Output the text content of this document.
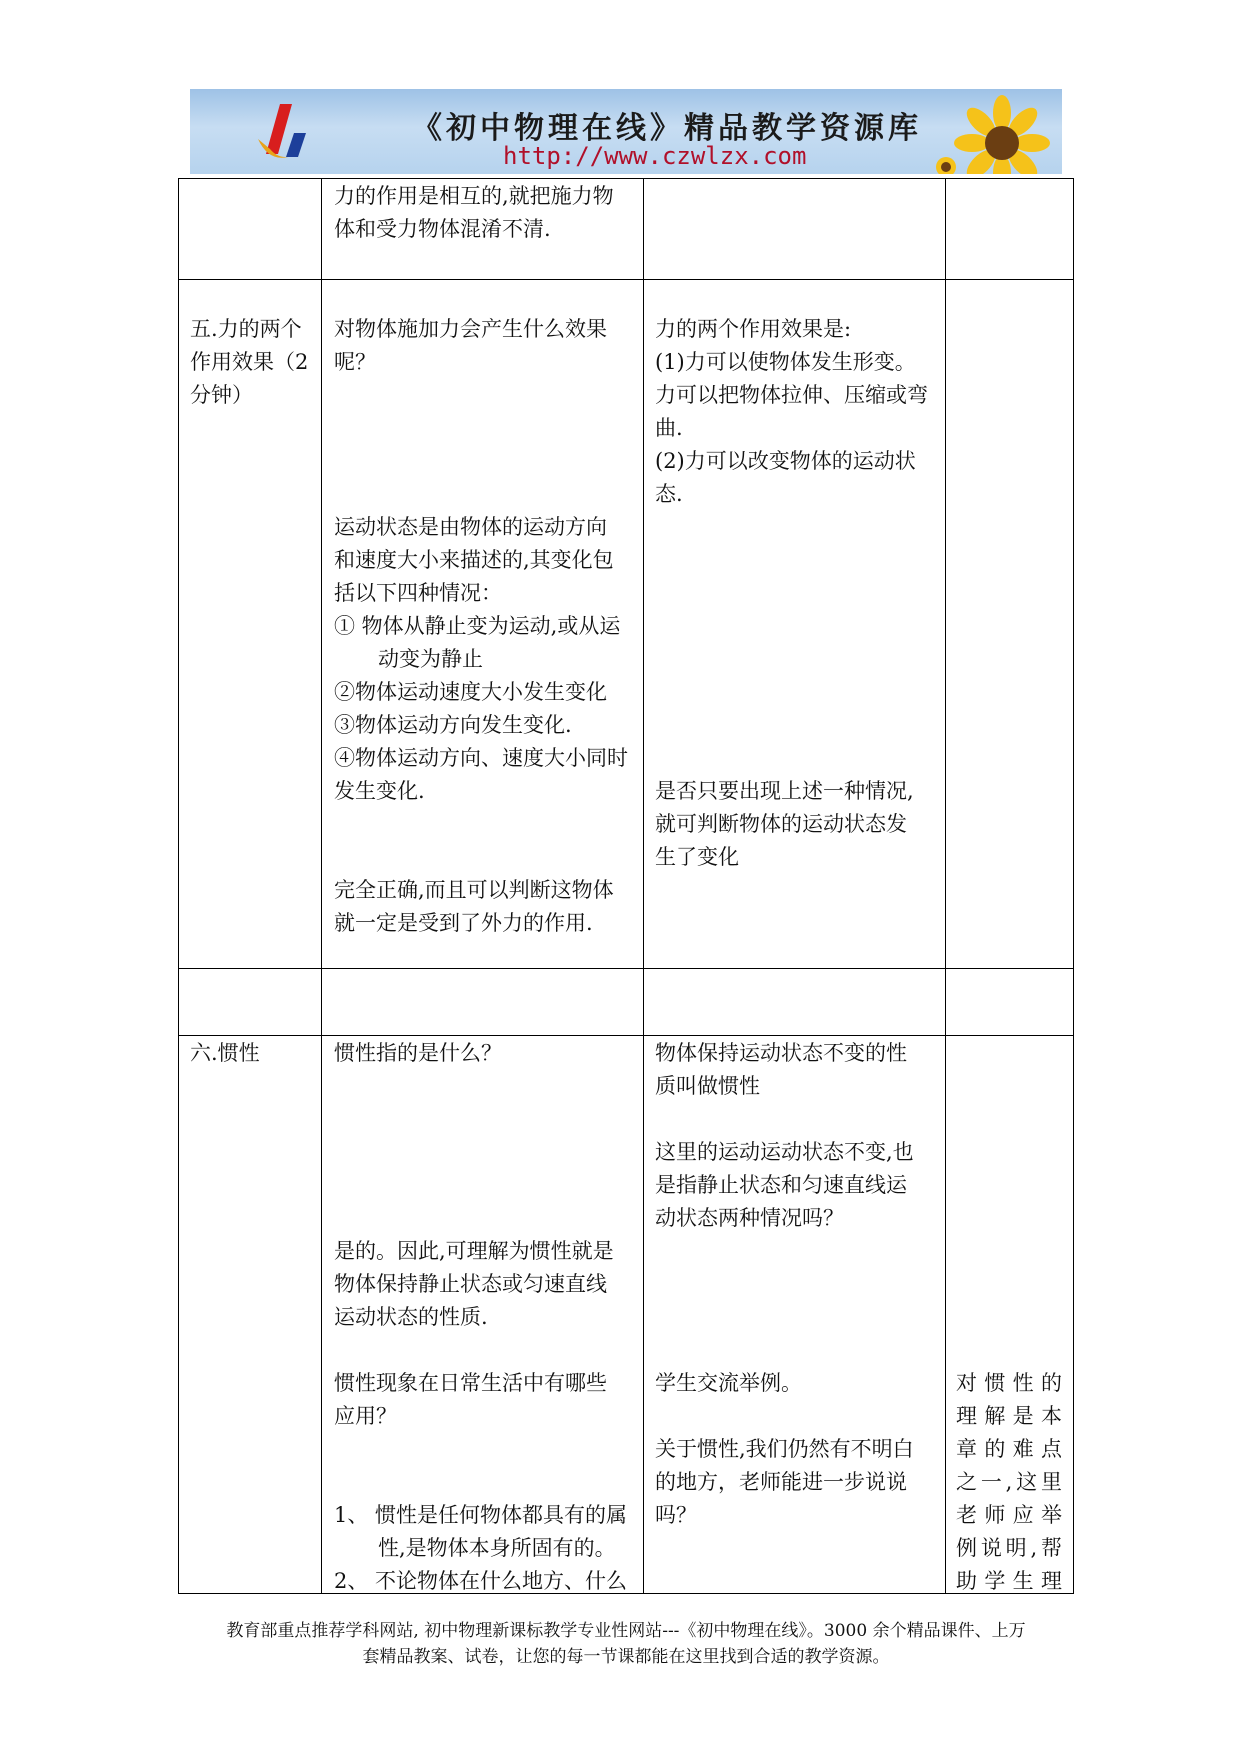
《初中物理在线》精品教学资源库
http://www.czwlzx.com

力的作用是相互的,就把施力物

体和受力物体混淆不清.

五.力的两个

作用效果（2

分钟）

对物体施加力会产生什么效果

呢？

运动状态是由物体的运动方向

和速度大小来描述的,其变化包

括以下四种情况：

① 物体从静止变为运动,或从运动变为静止

②物体运动速度大小发生变化

③物体运动方向发生变化.

④物体运动方向、速度大小同时

发生变化.

完全正确,而且可以判断这物体

就一定是受到了外力的作用.

力的两个作用效果是:

(1)力可以使物体发生形变。

力可以把物体拉伸、压缩或弯

曲.

(2)力可以改变物体的运动状

态.

是否只要出现上述一种情况,

就可判断物体的运动状态发

生了变化

六.惯性	惯性指的是什么？

是的。因此,可理解为惯性就是

物体保持静止状态或匀速直线

运动状态的性质.

惯性现象在日常生活中有哪些

应用？

1、 惯性是任何物体都具有的属性,是物体本身所固有的。

2、 不论物体在什么地方、什么

物体保持运动状态不变的性

质叫做惯性

这里的运动运动状态不变,也

是指静止状态和匀速直线运

动状态两种情况吗？

学生交流举例。

关于惯性,我们仍然有不明白

的地方，老师能进一步说说

吗？

对惯性的

理解是本

章的难点

之一,这里

老师应举

例说明,帮

助学生理

教育部重点推荐学科网站, 初中物理新课标教学专业性网站---《初中物理在线》。3000 余个精品课件、上万
套精品教案、试卷，让您的每一节课都能在这里找到合适的教学资源。
